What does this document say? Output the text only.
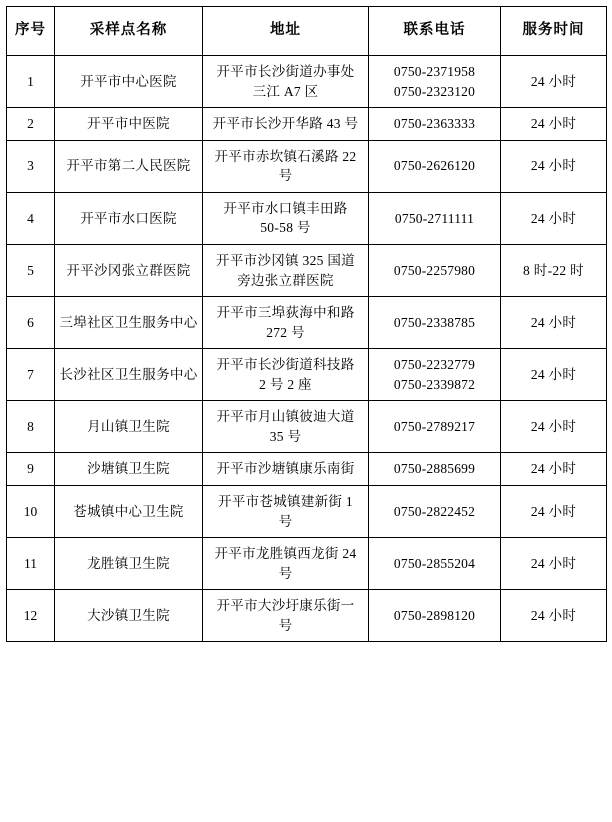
序号	采样点名称	地址	联系电话	服务时间
1	开平市中心医院	开平市长沙街道办事处
三江 A7 区	0750-2371958
0750-2323120	24 小时
2	开平市中医院	开平市长沙开华路 43 号	0750-2363333	24 小时
3	开平市第二人民医院	开平市赤坎镇石溪路 22
号	0750-2626120	24 小时
4	开平市水口医院	开平市水口镇丰田路
50-58 号	0750-2711111	24 小时
5	开平沙冈张立群医院	开平市沙冈镇 325 国道
旁边张立群医院	0750-2257980	8 时-22 时
6	三埠社区卫生服务中心	开平市三埠荻海中和路
272 号	0750-2338785	24 小时
7	长沙社区卫生服务中心	开平市长沙街道科技路
2 号 2 座	0750-2232779
0750-2339872	24 小时
8	月山镇卫生院	开平市月山镇彼迪大道
35 号	0750-2789217	24 小时
9	沙塘镇卫生院	开平市沙塘镇康乐南街	0750-2885699	24 小时
10	苍城镇中心卫生院	开平市苍城镇建新街 1
号	0750-2822452	24 小时
11	龙胜镇卫生院	开平市龙胜镇西龙街 24
号	0750-2855204	24 小时
12	大沙镇卫生院	开平市大沙圩康乐街一
号	0750-2898120	24 小时
